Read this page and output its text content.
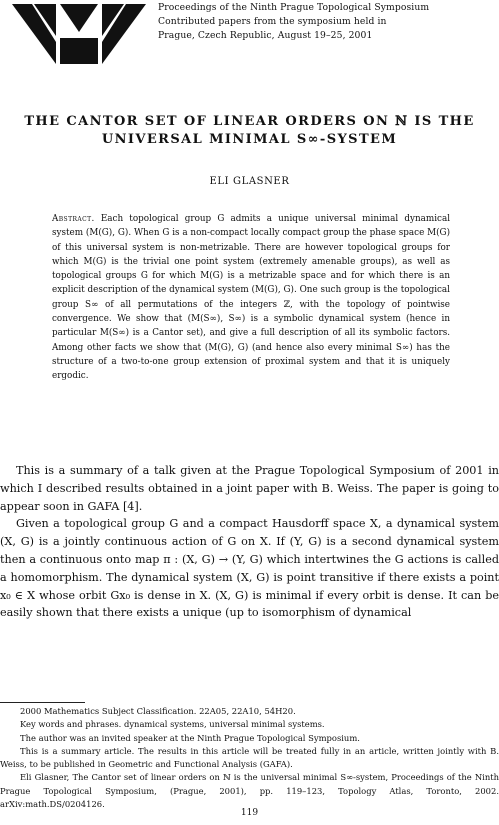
Proceedings of the Ninth Prague Topological Symposium
Contributed papers from the symposium held in
Prague, Czech Republic, August 19–25, 2001
THE CANTOR SET OF LINEAR ORDERS ON ℕ IS THE
UNIVERSAL MINIMAL S∞-SYSTEM
ELI GLASNER
Abstract. Each topological group G admits a unique universal minimal dynamical system (M(G), G). When G is a non-compact locally compact group the phase space M(G) of this universal system is non-metrizable. There are however topological groups for which M(G) is the trivial one point system (extremely amenable groups), as well as topological groups G for which M(G) is a metrizable space and for which there is an explicit description of the dynamical system (M(G), G). One such group is the topological group S∞ of all permutations of the integers ℤ, with the topology of pointwise convergence. We show that (M(S∞), S∞) is a symbolic dynamical system (hence in particular M(S∞) is a Cantor set), and give a full description of all its symbolic factors. Among other facts we show that (M(G), G) (and hence also every minimal S∞) has the structure of a two-to-one group extension of proximal system and that it is uniquely ergodic.

This is a summary of a talk given at the Prague Topological Symposium of 2001 in which I described results obtained in a joint paper with B. Weiss. The paper is going to appear soon in GAFA [4].

Given a topological group G and a compact Hausdorff space X, a dynamical system (X, G) is a jointly continuous action of G on X. If (Y, G) is a second dynamical system then a continuous onto map π : (X, G) → (Y, G) which intertwines the G actions is called a homomorphism. The dynamical system (X, G) is point transitive if there exists a point x₀ ∈ X whose orbit Gx₀ is dense in X. (X, G) is minimal if every orbit is dense. It can be easily shown that there exists a unique (up to isomorphism of dynamical

2000 Mathematics Subject Classification. 22A05, 22A10, 54H20.

Key words and phrases. dynamical systems, universal minimal systems.

The author was an invited speaker at the Ninth Prague Topological Symposium.

This is a summary article. The results in this article will be treated fully in an article, written jointly with B. Weiss, to be published in Geometric and Functional Analysis (GAFA).

Eli Glasner, The Cantor set of linear orders on ℕ is the universal minimal S∞-system, Proceedings of the Ninth Prague Topological Symposium, (Prague, 2001), pp. 119–123, Topology Atlas, Toronto, 2002. arXiv:math.DS/0204126.

119
